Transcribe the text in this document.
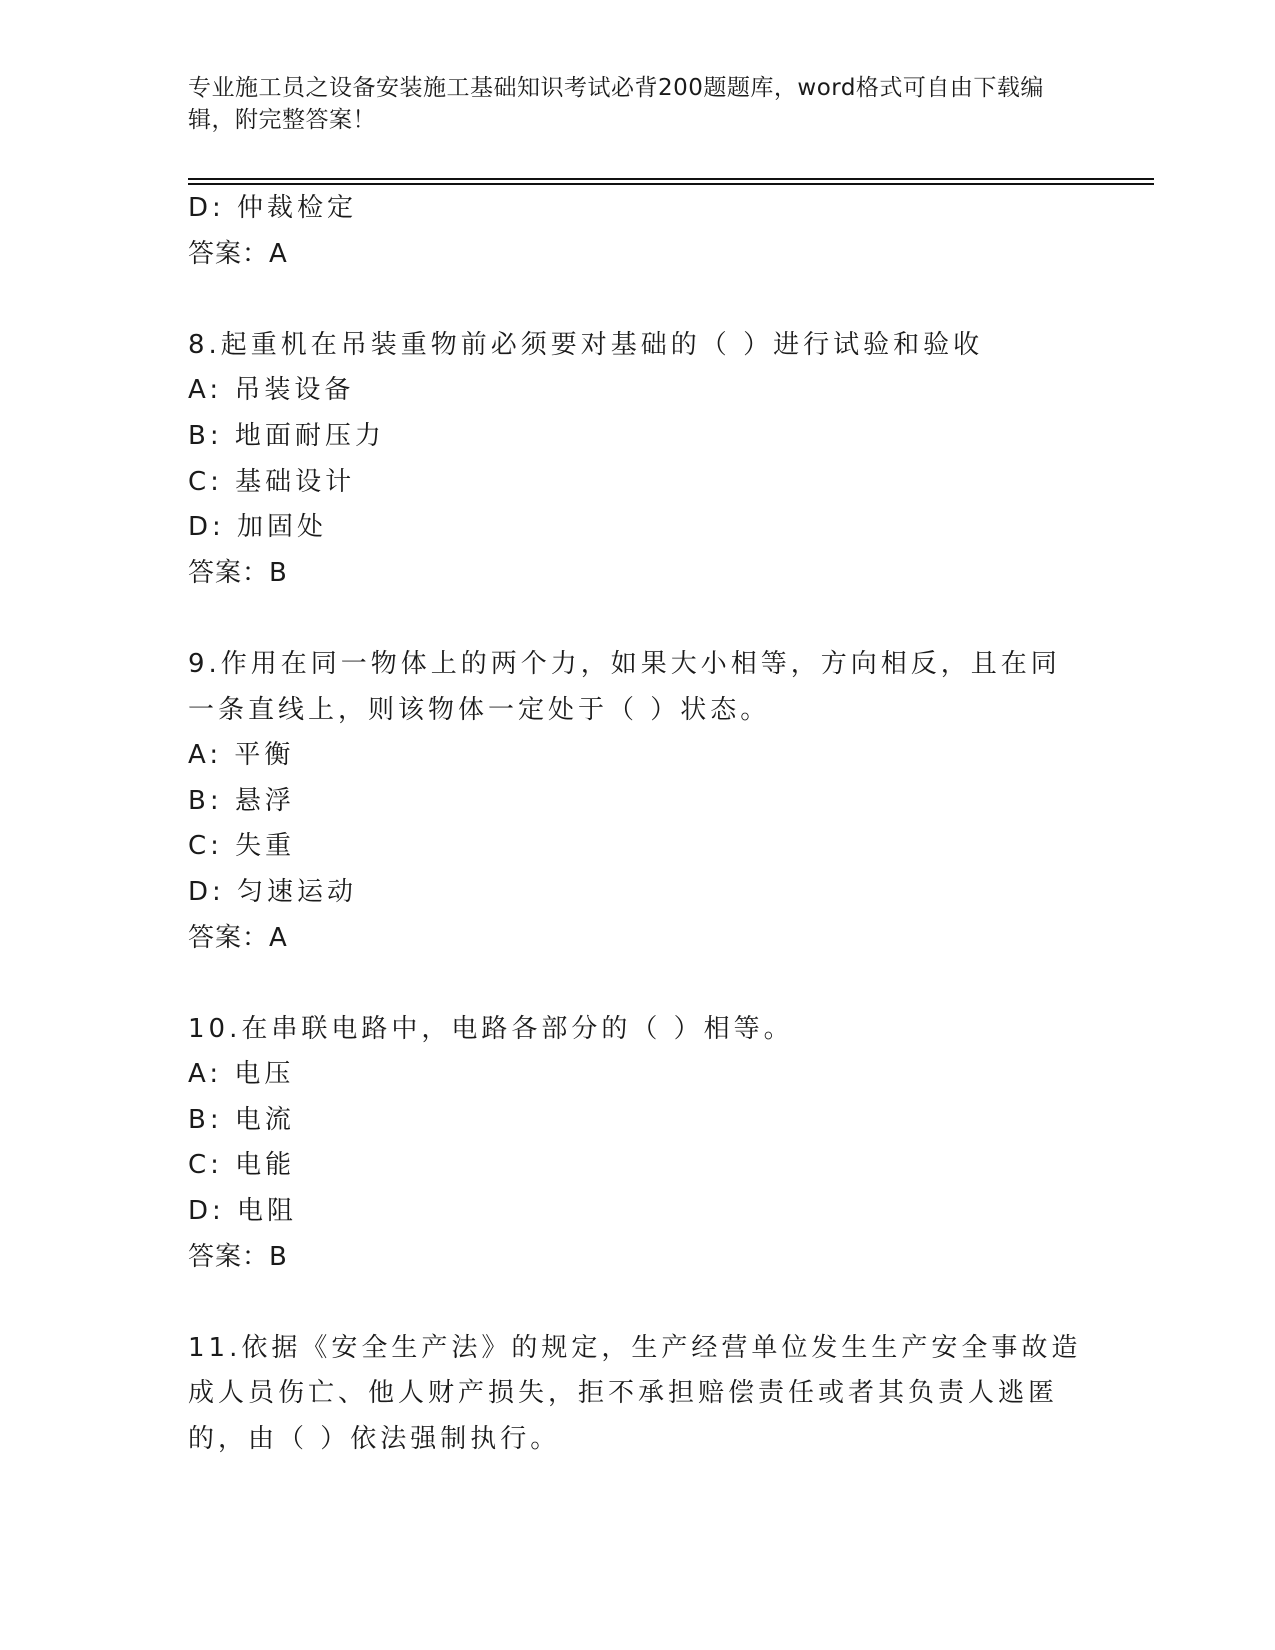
专业施工员之设备安装施工基础知识考试必背200题题库，word格式可自由下载编辑，附完整答案！
D: 仲裁检定
答案：A
8.起重机在吊装重物前必须要对基础的（ ）进行试验和验收
A: 吊装设备
B: 地面耐压力
C: 基础设计
D: 加固处
答案：B
9.作用在同一物体上的两个力，如果大小相等，方向相反，且在同一条直线上，则该物体一定处于（ ）状态。
A: 平衡
B: 悬浮
C: 失重
D: 匀速运动
答案：A
10.在串联电路中，电路各部分的（ ）相等。
A: 电压
B: 电流
C: 电能
D: 电阻
答案：B
11.依据《安全生产法》的规定，生产经营单位发生生产安全事故造成人员伤亡、他人财产损失，拒不承担赔偿责任或者其负责人逃匿的，由（ ）依法强制执行。
